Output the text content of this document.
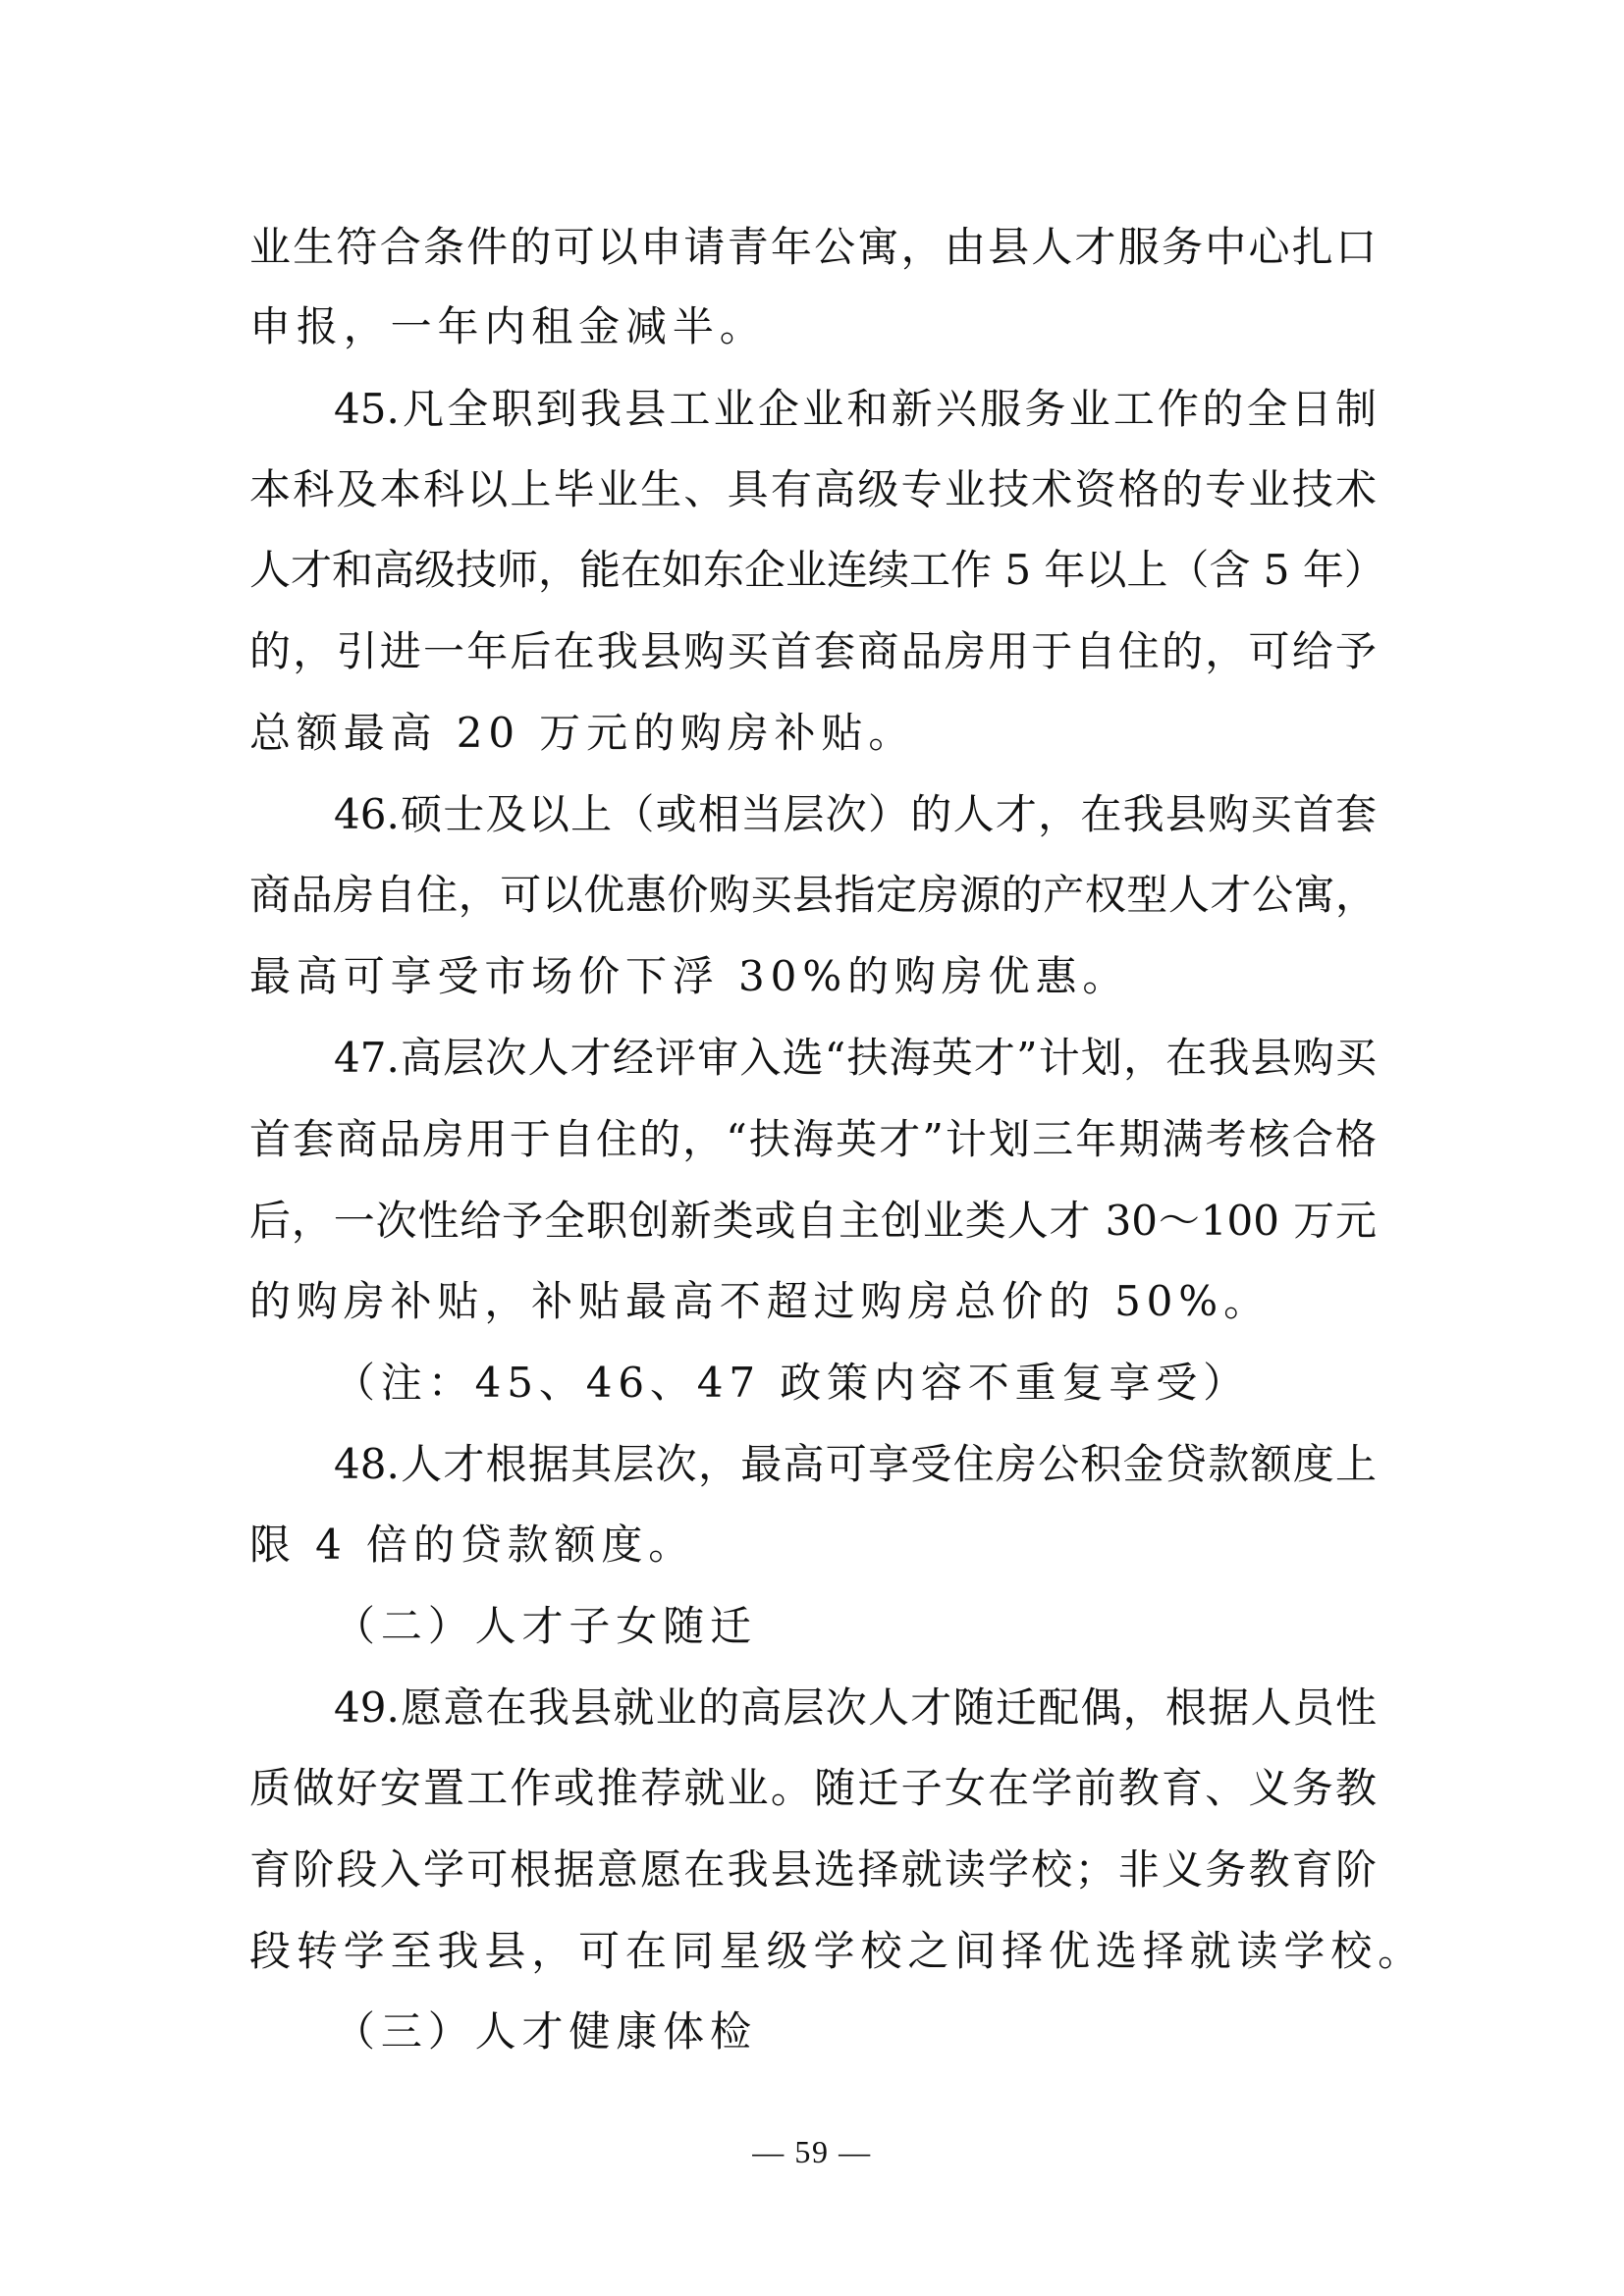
业生符合条件的可以申请青年公寓，由县人才服务中心扎口
申报，一年内租金减半。
45.凡全职到我县工业企业和新兴服务业工作的全日制
本科及本科以上毕业生、具有高级专业技术资格的专业技术
人才和高级技师，能在如东企业连续工作 5 年以上（含 5 年）
的，引进一年后在我县购买首套商品房用于自住的，可给予
总额最高 20 万元的购房补贴。
46.硕士及以上（或相当层次）的人才，在我县购买首套
商品房自住，可以优惠价购买县指定房源的产权型人才公寓，
最高可享受市场价下浮 30%的购房优惠。
47.高层次人才经评审入选“扶海英才”计划，在我县购买
首套商品房用于自住的，“扶海英才”计划三年期满考核合格
后，一次性给予全职创新类或自主创业类人才 30～100 万元
的购房补贴，补贴最高不超过购房总价的 50%。
（注：45、46、47 政策内容不重复享受）
48.人才根据其层次，最高可享受住房公积金贷款额度上
限 4 倍的贷款额度。
（二）人才子女随迁
49.愿意在我县就业的高层次人才随迁配偶，根据人员性
质做好安置工作或推荐就业。随迁子女在学前教育、义务教
育阶段入学可根据意愿在我县选择就读学校；非义务教育阶
段转学至我县，可在同星级学校之间择优选择就读学校。
（三）人才健康体检
— 59 —
